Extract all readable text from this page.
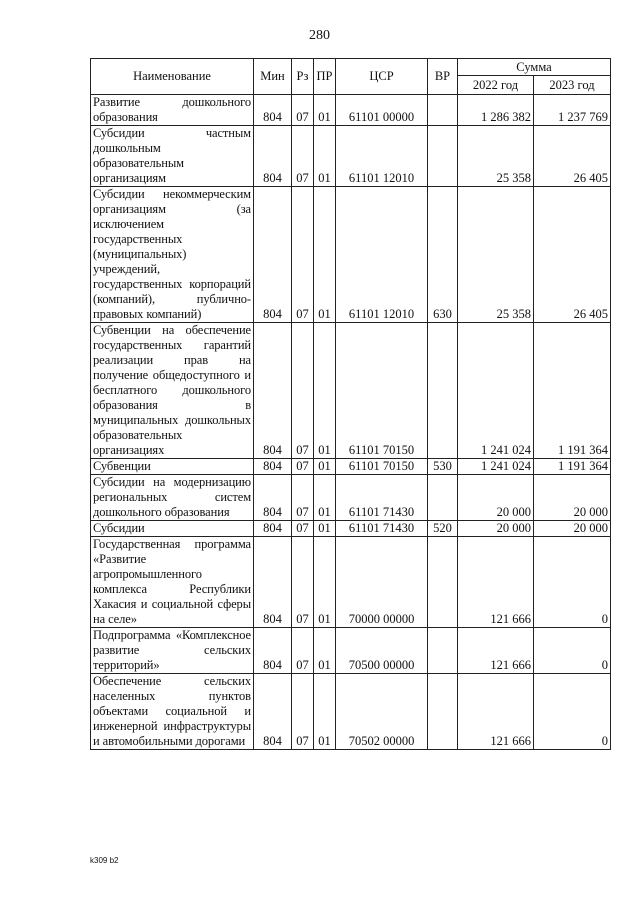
280
Наименование	Мин	Рз	ПР	ЦСР	ВР	Сумма	
						2022 год	2023 год
Развитие дошкольного образования	804	07	01	61101 00000		1 286 382	1 237 769
Субсидии частным дошкольным образовательным организациям	804	07	01	61101 12010		25 358	26 405
Субсидии некоммерческим организациям (за исключением государственных (муниципальных) учреждений, государственных корпораций (компаний), публично-правовых компаний)	804	07	01	61101 12010	630	25 358	26 405
Субвенции на обеспечение государственных гарантий реализации прав на получение общедоступного и бесплатного дошкольного образования в муниципальных дошкольных образовательных организациях	804	07	01	61101 70150		1 241 024	1 191 364
Субвенции	804	07	01	61101 70150	530	1 241 024	1 191 364
Субсидии на модернизацию региональных систем дошкольного образования	804	07	01	61101 71430		20 000	20 000
Субсидии	804	07	01	61101 71430	520	20 000	20 000
Государственная программа «Развитие агропромышленного комплекса Республики Хакасия и социальной сферы на селе»	804	07	01	70000 00000		121 666	0
Подпрограмма «Комплексное развитие сельских территорий»	804	07	01	70500 00000		121 666	0
Обеспечение сельских населенных пунктов объектами социальной и инженерной инфраструктуры и автомобильными дорогами	804	07	01	70502 00000		121 666	0
k309 b2
